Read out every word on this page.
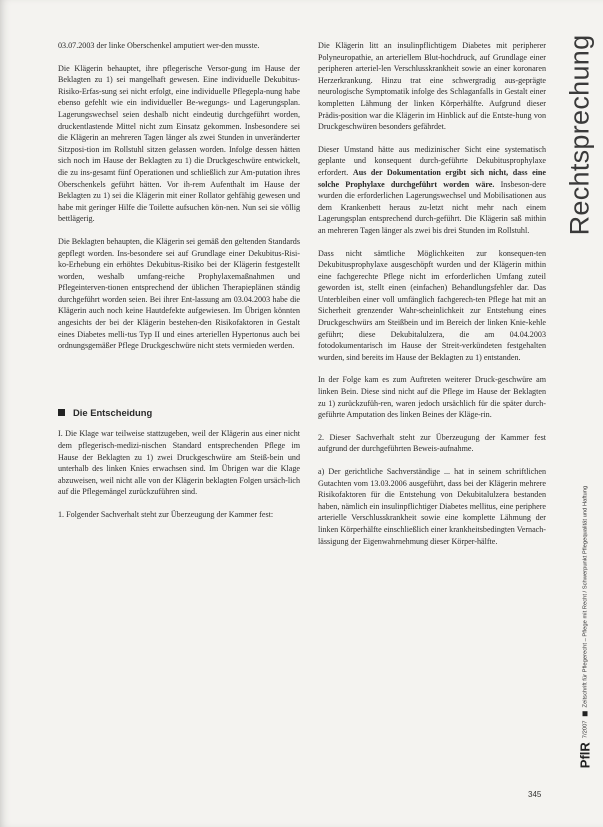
03.07.2003 der linke Oberschenkel amputiert wer-den musste.

Die Klägerin behauptet, ihre pflegerische Versor-gung im Hause der Beklagten zu 1) sei mangelhaft gewesen. Eine individuelle Dekubitus-Risiko-Erfas-sung sei nicht erfolgt, eine individuelle Pflegepla-nung habe ebenso gefehlt wie ein individueller Be-wegungs- und Lagerungsplan. Lagerungswechsel seien deshalb nicht eindeutig durchgeführt worden, druckentlastende Mittel nicht zum Einsatz gekommen. Insbesondere sei die Klägerin an mehreren Tagen länger als zwei Stunden in unveränderter Sitzposi-tion im Rollstuhl sitzen gelassen worden. Infolge dessen hätten sich noch im Hause der Beklagten zu 1) die Druckgeschwüre entwickelt, die zu ins-gesamt fünf Operationen und schließlich zur Am-putation ihres Oberschenkels geführt hätten. Vor ih-rem Aufenthalt im Hause der Beklagten zu 1) sei die Klägerin mit einer Rollator gehfähig gewesen und habe mit geringer Hilfe die Toilette aufsuchen kön-nen. Nun sei sie völlig bettlägerig.

Die Beklagten behaupten, die Klägerin sei gemäß den geltenden Standards gepflegt worden. Ins-besondere sei auf Grundlage einer Dekubitus-Risi-ko-Erhebung ein erhöhtes Dekubitus-Risiko bei der Klägerin festgestellt worden, weshalb umfang-reiche Prophylaxemaßnahmen und Pflegeinterven-tionen entsprechend der üblichen Therapieplänen ständig durchgeführt worden seien. Bei ihrer Ent-lassung am 03.04.2003 habe die Klägerin auch noch keine Hautdefekte aufgewiesen. Im Übrigen könnten angesichts der bei der Klägerin bestehen-den Risikofaktoren in Gestalt eines Diabetes melli-tus Typ II und eines arteriellen Hypertonus auch bei ordnungsgemäßer Pflege Druckgeschwüre nicht stets vermieden werden.

Die Entscheidung

I. Die Klage war teilweise stattzugeben, weil der Klägerin aus einer nicht dem pflegerisch-medizi-nischen Standard entsprechenden Pflege im Hause der Beklagten zu 1) zwei Druckgeschwüre am Steiß-bein und unterhalb des linken Knies erwachsen sind. Im Übrigen war die Klage abzuweisen, weil nicht alle von der Klägerin beklagten Folgen ursäch-lich auf die Pflegemängel zurückzuführen sind.

1. Folgender Sachverhalt steht zur Überzeugung der Kammer fest:

Die Klägerin litt an insulinpflichtigem Diabetes mit peripherer Polyneuropathie, an arteriellem Blut-hochdruck, auf Grundlage einer peripheren arteriel-len Verschlusskrankheit sowie an einer koronaren Herzerkrankung. Hinzu trat eine schwergradig aus-geprägte neurologische Symptomatik infolge des Schlaganfalls in Gestalt einer kompletten Lähmung der linken Körperhälfte. Aufgrund dieser Prädis-position war die Klägerin im Hinblick auf die Entste-hung von Druckgeschwüren besonders gefährdet.

Dieser Umstand hätte aus medizinischer Sicht eine systematisch geplante und konsequent durch-geführte Dekubitusprophylaxe erfordert. Aus der Dokumentation ergibt sich nicht, dass eine solche Prophylaxe durchgeführt worden wäre. Insbeson-dere wurden die erforderlichen Lagerungswechsel und Mobilisationen aus dem Krankenbett heraus zu-letzt nicht mehr nach einem Lagerungsplan entsprechend durch-geführt. Die Klägerin saß mithin an mehreren Tagen länger als zwei bis drei Stunden im Rollstuhl.

Dass nicht sämtliche Möglichkeiten zur konsequen-ten Dekubitusprophylaxe ausgeschöpft wurden und der Klägerin mithin eine fachgerechte Pflege nicht im erforderlichen Umfang zuteil geworden ist, stellt einen (einfachen) Behandlungsfehler dar. Das Unterbleiben einer voll umfänglich fachgerech-ten Pflege hat mit an Sicherheit grenzender Wahr-scheinlichkeit zur Entstehung eines Druckgeschwürs am Steißbein und im Bereich der linken Knie-kehle geführt; diese Dekubitalulzera, die am 04.04.2003 fotodokumentarisch im Hause der Streit-verkündeten festgehalten wurden, sind bereits im Hause der Beklagten zu 1) entstanden.

In der Folge kam es zum Auftreten weiterer Druck-geschwüre am linken Bein. Diese sind nicht auf die Pflege im Hause der Beklagten zu 1) zurückzufüh-ren, waren jedoch ursächlich für die später durch-geführte Amputation des linken Beines der Kläge-rin.

2. Dieser Sachverhalt steht zur Überzeugung der Kammer fest aufgrund der durchgeführten Beweis-aufnahme.

a) Der gerichtliche Sachverständige ... hat in seinem schriftlichen Gutachten vom 13.03.2006 ausgeführt, dass bei der Klägerin mehrere Risikofaktoren für die Entstehung von Dekubitalulzera bestanden haben, nämlich ein insulinpflichtiger Diabetes mellitus, eine periphere arterielle Verschlusskrankheit sowie eine komplette Lähmung der linken Körperhälfte einschließlich einer krankheitsbedingten Vernach-lässigung der Eigenwahrnehmung dieser Körper-hälfte.

Rechtsprechung
PflR
7/2007
Zeitschrift für Pflegerecht – Pflege mit Recht / Schwerpunkt Pflegequalität und Haftung
345
